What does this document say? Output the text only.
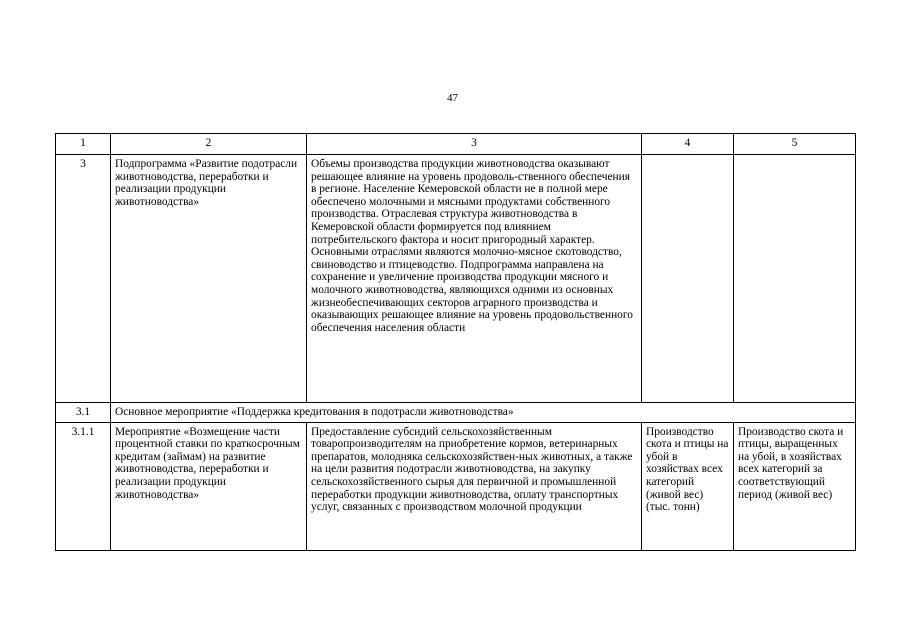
47
1	2	3	4	5
3	Подпрограмма «Развитие подотрасли животноводства, переработки и реализации продукции животноводства»	Объемы производства продукции животноводства оказывают решающее влияние на уровень продоволь-ственного обеспечения в регионе. Население Кемеровской области не в полной мере обеспечено молочными и мясными продуктами собственного производства. Отраслевая структура животноводства в Кемеровской области формируется под влиянием потребительского фактора и носит пригородный характер. Основными отраслями являются молочно-мясное скотоводство, свиноводство и птицеводство. Подпрограмма направлена на сохранение и увеличение производства продукции мясного и молочного животноводства, являющихся одними из основных жизнеобеспечивающих секторов аграрного производства и оказывающих решающее влияние на уровень продовольственного обеспечения населения области		
3.1	Основное мероприятие «Поддержка кредитования в подотрасли животноводства»			
3.1.1	Мероприятие «Возмещение части процентной ставки по краткосрочным кредитам (займам) на развитие животноводства, переработки и реализации продукции животноводства»	Предоставление субсидий сельскохозяйственным товаропроизводителям на приобретение кормов, ветеринарных препаратов, молодняка сельскохозяйствен-ных животных, а также на цели развития подотрасли животноводства, на закупку сельскохозяйственного сырья для первичной и промышленной переработки продукции животноводства, оплату транспортных услуг, связанных с производством молочной продукции	Производство скота и птицы на убой в хозяйствах всех категорий (живой вес) (тыс. тонн)	Производство скота и птицы, выращенных на убой, в хозяйствах всех категорий за соответствующий период (живой вес)
